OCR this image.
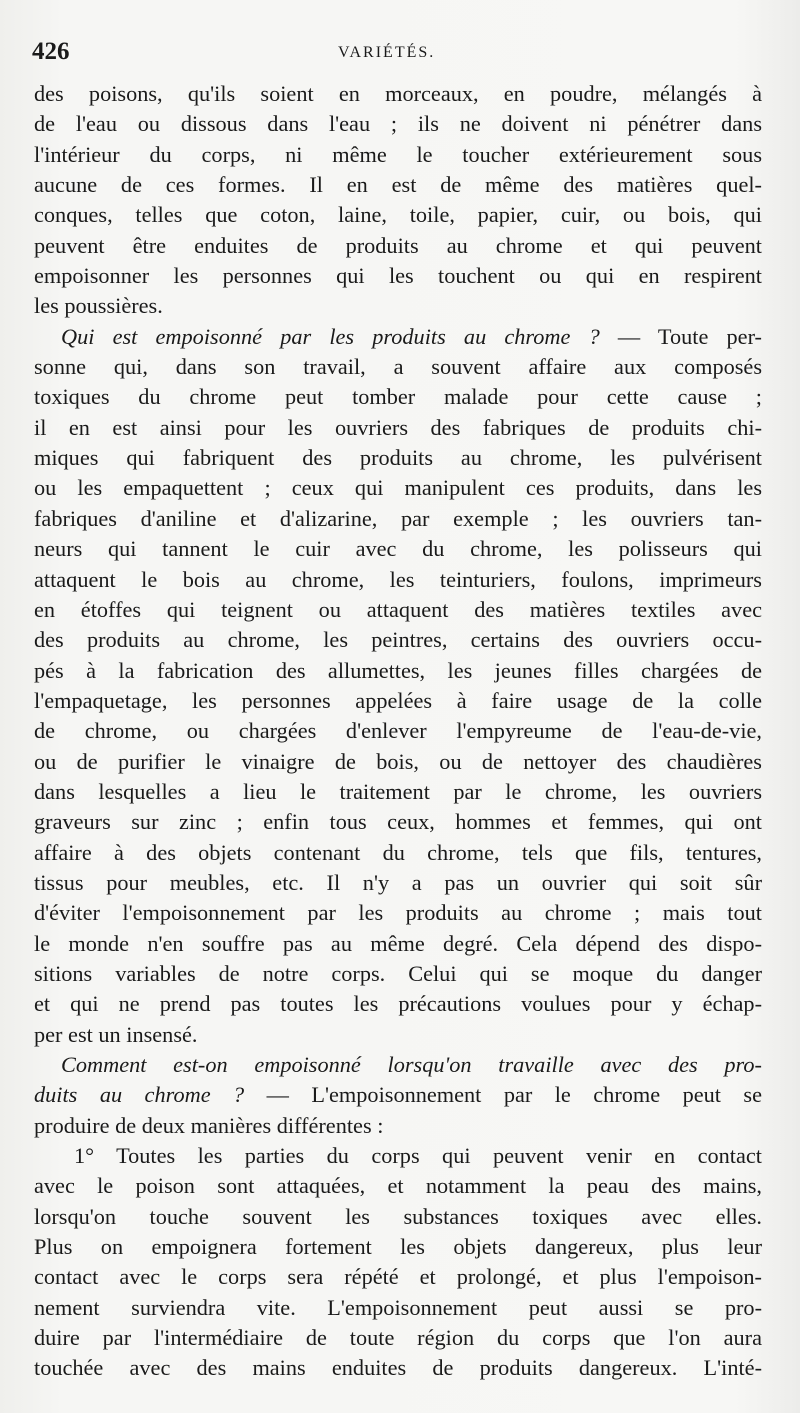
426	VARIÉTÉS.
des poisons, qu'ils soient en morceaux, en poudre, mélangés à
de l'eau ou dissous dans l'eau ; ils ne doivent ni pénétrer dans
l'intérieur du corps, ni même le toucher extérieurement sous
aucune de ces formes. Il en est de même des matières quel-
conques, telles que coton, laine, toile, papier, cuir, ou bois, qui
peuvent être enduites de produits au chrome et qui peuvent
empoisonner les personnes qui les touchent ou qui en respirent
les poussières.
Qui est empoisonné par les produits au chrome ? — Toute per-
sonne qui, dans son travail, a souvent affaire aux composés
toxiques du chrome peut tomber malade pour cette cause ;
il en est ainsi pour les ouvriers des fabriques de produits chi-
miques qui fabriquent des produits au chrome, les pulvérisent
ou les empaquettent ; ceux qui manipulent ces produits, dans les
fabriques d'aniline et d'alizarine, par exemple ; les ouvriers tan-
neurs qui tannent le cuir avec du chrome, les polisseurs qui
attaquent le bois au chrome, les teinturiers, foulons, imprimeurs
en étoffes qui teignent ou attaquent des matières textiles avec
des produits au chrome, les peintres, certains des ouvriers occu-
pés à la fabrication des allumettes, les jeunes filles chargées de
l'empaquetage, les personnes appelées à faire usage de la colle
de chrome, ou chargées d'enlever l'empyreume de l'eau-de-vie,
ou de purifier le vinaigre de bois, ou de nettoyer des chaudières
dans lesquelles a lieu le traitement par le chrome, les ouvriers
graveurs sur zinc ; enfin tous ceux, hommes et femmes, qui ont
affaire à des objets contenant du chrome, tels que fils, tentures,
tissus pour meubles, etc. Il n'y a pas un ouvrier qui soit sûr
d'éviter l'empoisonnement par les produits au chrome ; mais tout
le monde n'en souffre pas au même degré. Cela dépend des dispo-
sitions variables de notre corps. Celui qui se moque du danger
et qui ne prend pas toutes les précautions voulues pour y échap-
per est un insensé.
Comment est-on empoisonné lorsqu'on travaille avec des pro-
duits au chrome ? — L'empoisonnement par le chrome peut se
produire de deux manières différentes :
1° Toutes les parties du corps qui peuvent venir en contact
avec le poison sont attaquées, et notamment la peau des mains,
lorsqu'on touche souvent les substances toxiques avec elles.
Plus on empoignera fortement les objets dangereux, plus leur
contact avec le corps sera répété et prolongé, et plus l'empoison-
nement surviendra vite. L'empoisonnement peut aussi se pro-
duire par l'intermédiaire de toute région du corps que l'on aura
touchée avec des mains enduites de produits dangereux. L'inté-
